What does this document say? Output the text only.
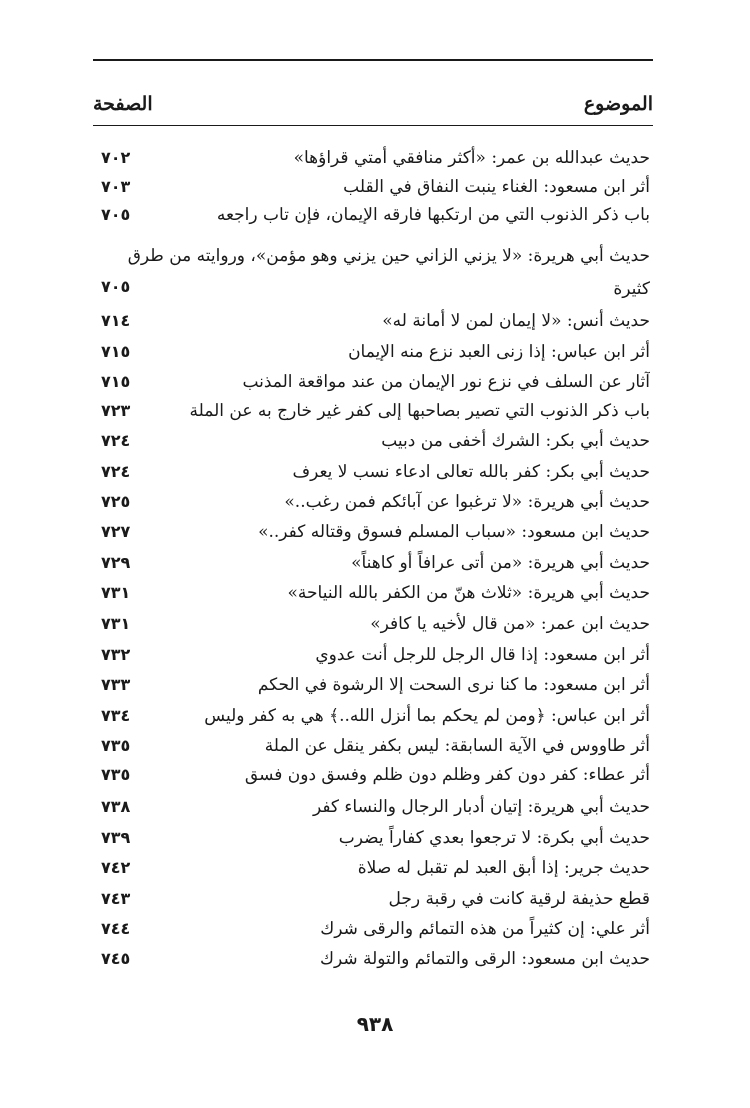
الموضوع
الصفحة
حديث عبدالله بن عمر: «أكثر منافقي أمتي قراؤها»
٧٠٢
أثر ابن مسعود: الغناء ينبت النفاق في القلب
٧٠٣
باب ذكر الذنوب التي من ارتكبها فارقه الإيمان، فإن تاب راجعه
٧٠٥
حديث أبي هريرة: «لا يزني الزاني حين يزني وهو مؤمن»، وروايته من طرق كثيرة
٧٠٥
حديث أنس: «لا إيمان لمن لا أمانة له»
٧١٤
أثر ابن عباس: إذا زنى العبد نزع منه الإيمان
٧١٥
آثار عن السلف في نزع نور الإيمان من عند مواقعة المذنب
٧١٥
باب ذكر الذنوب التي تصير بصاحبها إلى كفر غير خارج به عن الملة
٧٢٣
حديث أبي بكر: الشرك أخفى من دبيب
٧٢٤
حديث أبي بكر: كفر بالله تعالى ادعاء نسب لا يعرف
٧٢٤
حديث أبي هريرة: «لا ترغبوا عن آبائكم فمن رغب..»
٧٢٥
حديث ابن مسعود: «سباب المسلم فسوق وقتاله كفر..»
٧٢٧
حديث أبي هريرة: «من أتى عرافاً أو كاهناً»
٧٢٩
حديث أبي هريرة: «ثلاث هنّ من الكفر بالله النياحة»
٧٣١
حديث ابن عمر: «من قال لأخيه يا كافر»
٧٣١
أثر ابن مسعود: إذا قال الرجل للرجل أنت عدوي
٧٣٢
أثر ابن مسعود: ما كنا نرى السحت إلا الرشوة في الحكم
٧٣٣
أثر ابن عباس: ﴿ومن لم يحكم بما أنزل الله..﴾ هي به كفر وليس
٧٣٤
أثر طاووس في الآية السابقة: ليس بكفر ينقل عن الملة
٧٣٥
أثر عطاء: كفر دون كفر وظلم دون ظلم وفسق دون فسق
٧٣٥
حديث أبي هريرة: إتيان أدبار الرجال والنساء كفر
٧٣٨
حديث أبي بكرة: لا ترجعوا بعدي كفاراً يضرب
٧٣٩
حديث جرير: إذا أبق العبد لم تقبل له صلاة
٧٤٢
قطع حذيفة لرقية كانت في رقبة رجل
٧٤٣
أثر علي: إن كثيراً من هذه التمائم والرقى شرك
٧٤٤
حديث ابن مسعود: الرقى والتمائم والتولة شرك
٧٤٥
٩٣٨
